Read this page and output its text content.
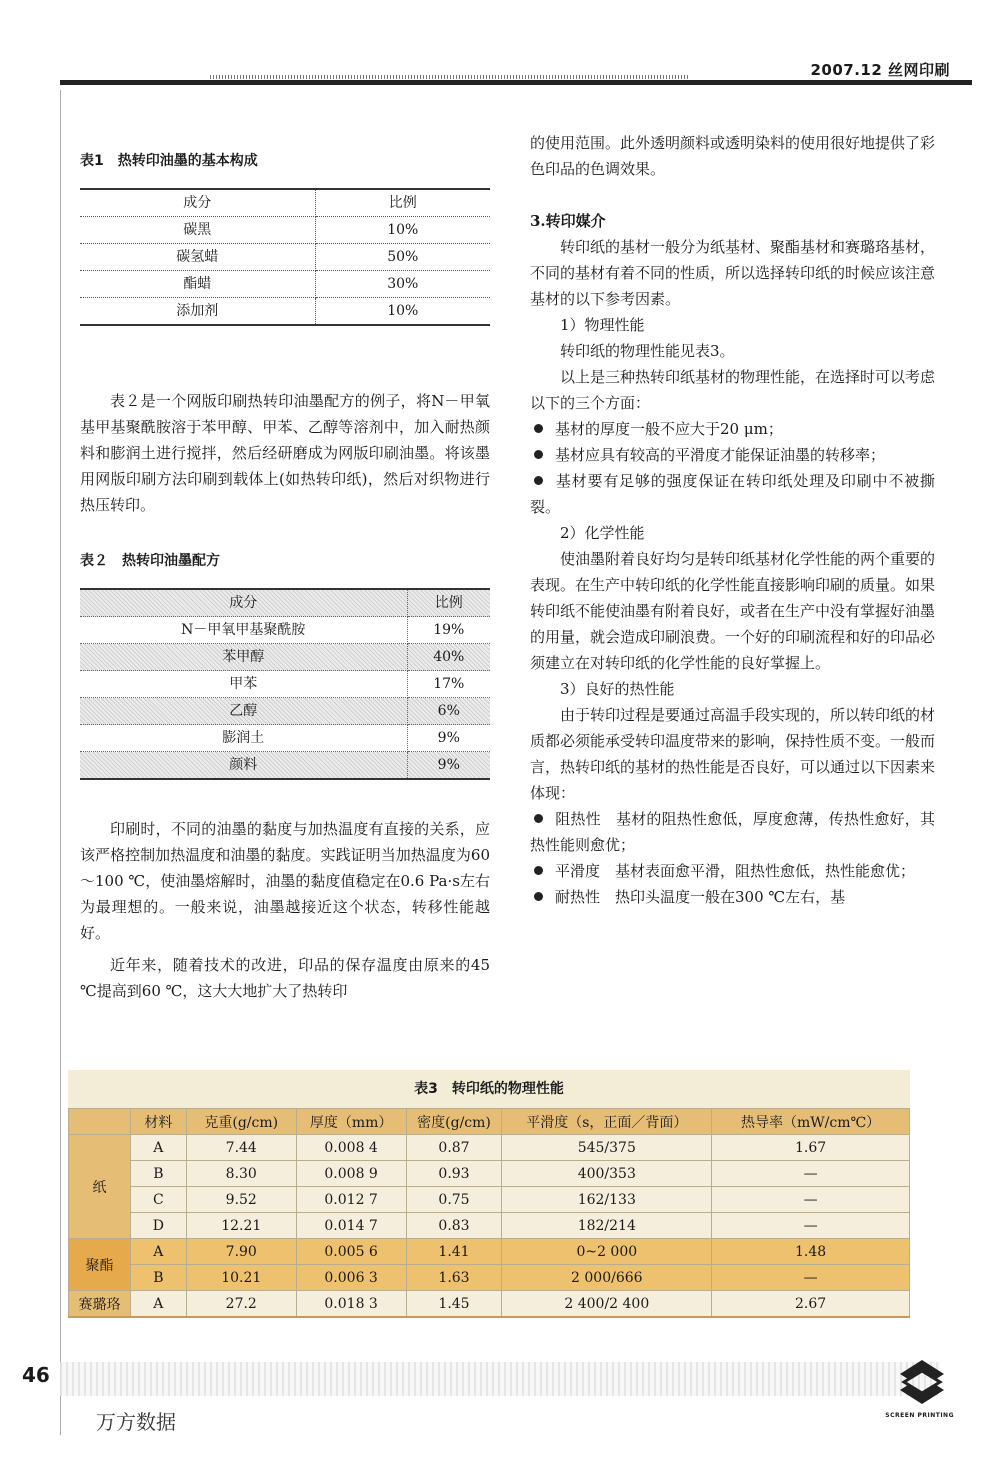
2007.12 丝网印刷

表1　热转印油墨的基本构成

成分	比例
碳黑	10%
碳氢蜡	50%
酯蜡	30%
添加剂	10%

表２是一个网版印刷热转印油墨配方的例子，将N－甲氧基甲基聚酰胺溶于苯甲醇、甲苯、乙醇等溶剂中，加入耐热颜料和膨润土进行搅拌，然后经研磨成为网版印刷油墨。将该墨用网版印刷方法印刷到载体上(如热转印纸)，然后对织物进行热压转印。

表２　热转印油墨配方

成分	比例
N－甲氧甲基聚酰胺	19%
苯甲醇	40%
甲苯	17%
乙醇	6%
膨润土	9%
颜料	9%

印刷时，不同的油墨的黏度与加热温度有直接的关系，应该严格控制加热温度和油墨的黏度。实践证明当加热温度为60～100 ℃，使油墨熔解时，油墨的黏度值稳定在0.6 Pa·s左右为最理想的。一般来说，油墨越接近这个状态，转移性能越好。

近年来，随着技术的改进，印品的保存温度由原来的45 ℃提高到60 ℃，这大大地扩大了热转印

的使用范围。此外透明颜料或透明染料的使用很好地提供了彩色印品的色调效果。

3.转印媒介

转印纸的基材一般分为纸基材、聚酯基材和赛璐珞基材，不同的基材有着不同的性质，所以选择转印纸的时候应该注意基材的以下参考因素。

1）物理性能

转印纸的物理性能见表3。

以上是三种热转印纸基材的物理性能，在选择时可以考虑以下的三个方面：

基材的厚度一般不应大于20 μm；

基材应具有较高的平滑度才能保证油墨的转移率；

基材要有足够的强度保证在转印纸处理及印刷中不被撕裂。

2）化学性能

使油墨附着良好均匀是转印纸基材化学性能的两个重要的表现。在生产中转印纸的化学性能直接影响印刷的质量。如果转印纸不能使油墨有附着良好，或者在生产中没有掌握好油墨的用量，就会造成印刷浪费。一个好的印刷流程和好的印品必须建立在对转印纸的化学性能的良好掌握上。

3）良好的热性能

由于转印过程是要通过高温手段实现的，所以转印纸的材质都必须能承受转印温度带来的影响，保持性质不变。一般而言，热转印纸的基材的热性能是否良好，可以通过以下因素来体现：

阻热性　基材的阻热性愈低，厚度愈薄，传热性愈好，其热性能则愈优；

平滑度　基材表面愈平滑，阻热性愈低，热性能愈优；

耐热性　热印头温度一般在300 ℃左右，基

表3　转印纸的物理性能
	材料	克重(g/cm)	厚度（mm）	密度(g/cm)	平滑度（s，正面／背面）	热导率（mW/cm℃）
纸	A	7.44	0.008 4	0.87	545/375	1.67
	B	8.30	0.008 9	0.93	400/353	—
	C	9.52	0.012 7	0.75	162/133	—
	D	12.21	0.014 7	0.83	182/214	—
聚酯	A	7.90	0.005 6	1.41	0~2 000	1.48
	B	10.21	0.006 3	1.63	2 000/666	—
赛璐珞	A	27.2	0.018 3	1.45	2 400/2 400	2.67
46
万方数据	SCREEN PRINTING
